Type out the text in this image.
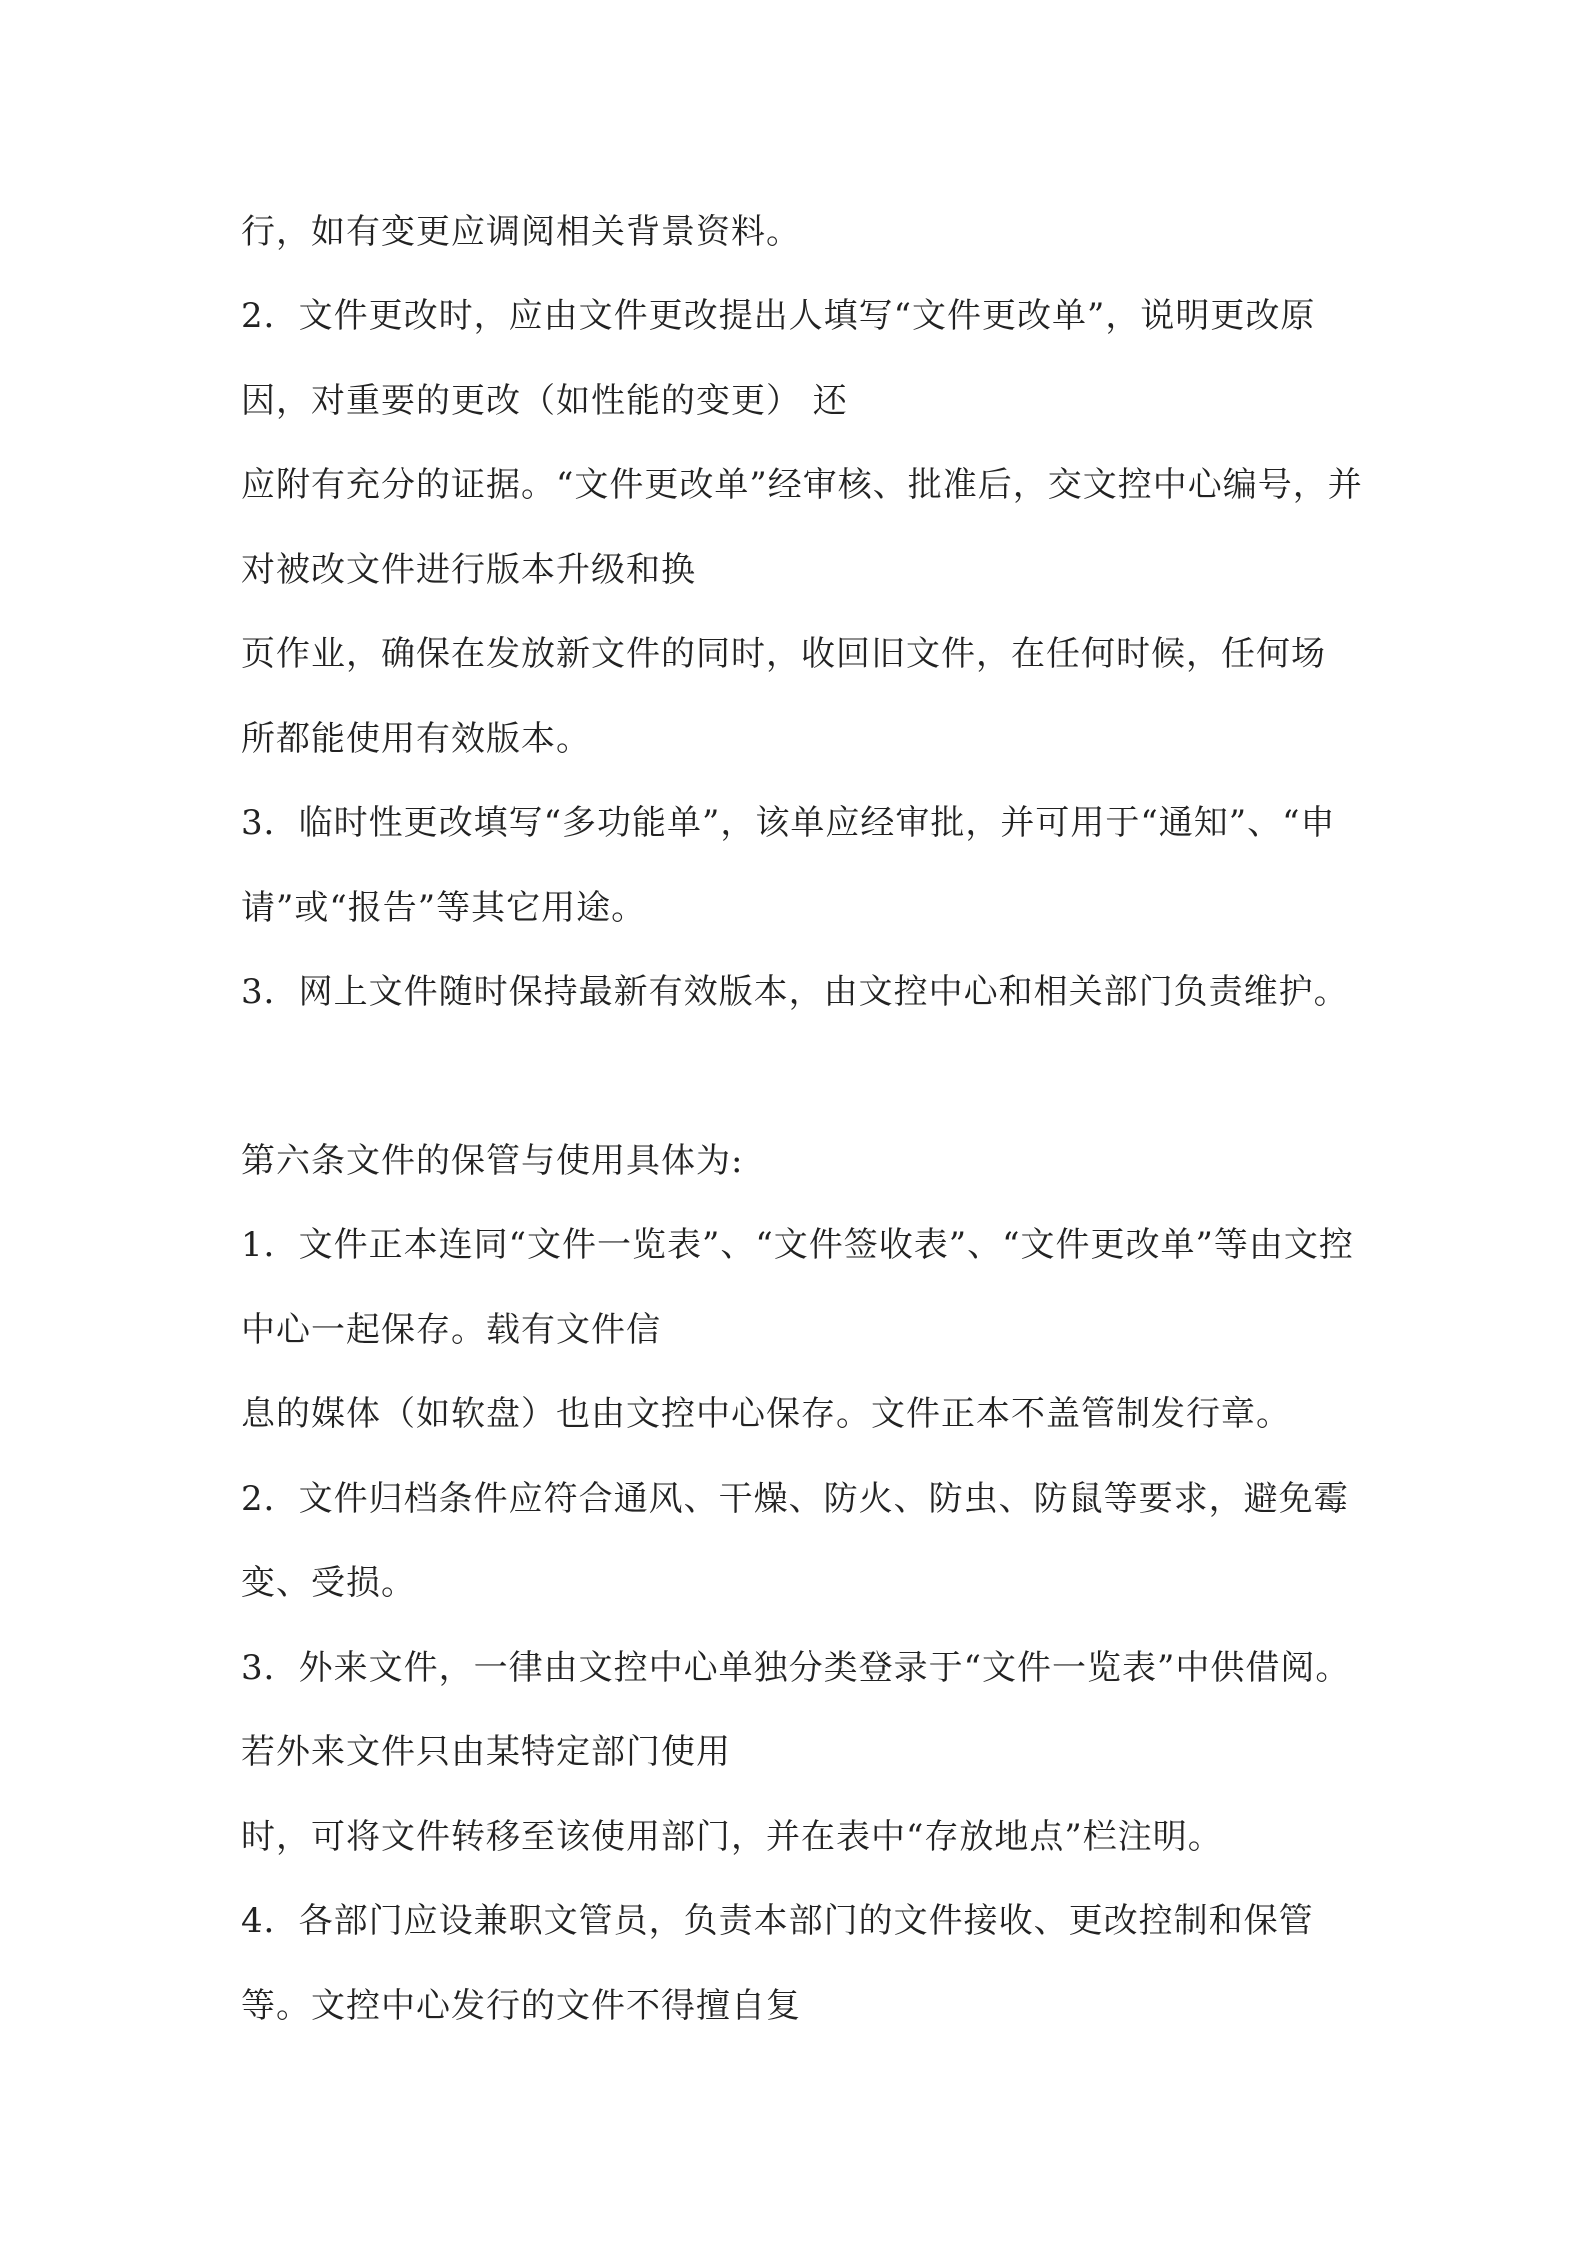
行，如有变更应调阅相关背景资料。
2．文件更改时，应由文件更改提出人填写“文件更改单”，说明更改原
因，对重要的更改（如性能的变更） 还
应附有充分的证据。“文件更改单”经审核、批准后，交文控中心编号，并
对被改文件进行版本升级和换
页作业，确保在发放新文件的同时，收回旧文件，在任何时候，任何场
所都能使用有效版本。
3．临时性更改填写“多功能单”，该单应经审批，并可用于“通知”、“申
请”或“报告”等其它用途。
3．网上文件随时保持最新有效版本，由文控中心和相关部门负责维护。
第六条文件的保管与使用具体为:
1．文件正本连同“文件一览表”、“文件签收表”、“文件更改单”等由文控
中心一起保存。载有文件信
息的媒体（如软盘）也由文控中心保存。文件正本不盖管制发行章。
2．文件归档条件应符合通风、干燥、防火、防虫、防鼠等要求，避免霉
变、受损。
3．外来文件，一律由文控中心单独分类登录于“文件一览表”中供借阅。
若外来文件只由某特定部门使用
时，可将文件转移至该使用部门，并在表中“存放地点”栏注明。
4．各部门应设兼职文管员，负责本部门的文件接收、更改控制和保管
等。文控中心发行的文件不得擅自复
